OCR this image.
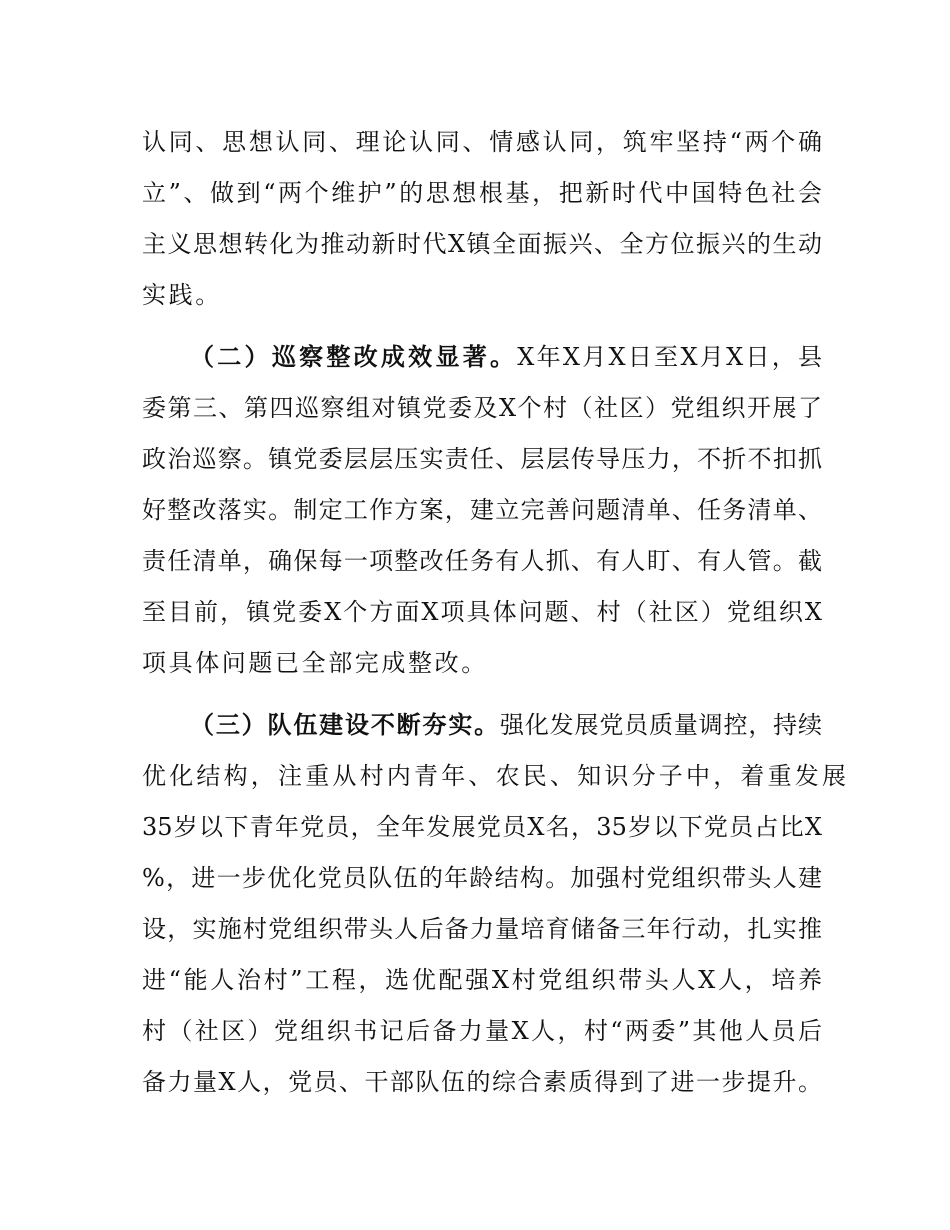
认同、思想认同、理论认同、情感认同，筑牢坚持“两个确
立”、做到“两个维护”的思想根基，把新时代中国特色社会
主义思想转化为推动新时代X镇全面振兴、全方位振兴的生动
实践。
（二）巡察整改成效显著。X年X月X日至X月X日，县
委第三、第四巡察组对镇党委及X个村（社区）党组织开展了
政治巡察。镇党委层层压实责任、层层传导压力，不折不扣抓
好整改落实。制定工作方案，建立完善问题清单、任务清单、
责任清单，确保每一项整改任务有人抓、有人盯、有人管。截
至目前，镇党委X个方面X项具体问题、村（社区）党组织X
项具体问题已全部完成整改。
（三）队伍建设不断夯实。强化发展党员质量调控，持续
优化结构，注重从村内青年、农民、知识分子中，着重发展
35岁以下青年党员，全年发展党员X名，35岁以下党员占比X
%，进一步优化党员队伍的年龄结构。加强村党组织带头人建
设，实施村党组织带头人后备力量培育储备三年行动，扎实推
进“能人治村”工程，选优配强X村党组织带头人X人，培养
村（社区）党组织书记后备力量X人，村“两委”其他人员后
备力量X人，党员、干部队伍的综合素质得到了进一步提升。
